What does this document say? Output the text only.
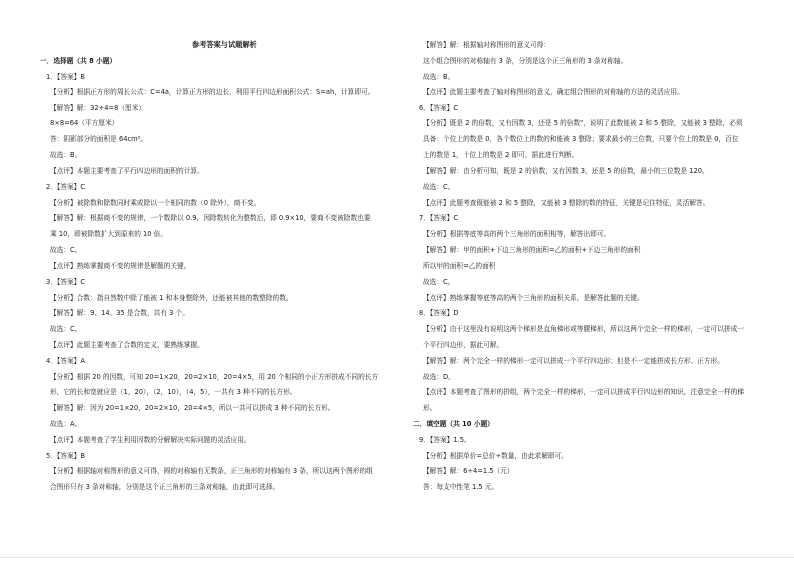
参考答案与试题解析
一．选择题（共 8 小题）
1．【答案】B
【分析】根据正方形的周长公式：C=4a，计算正方形的边长，利用平行四边形面积公式：S=ah，计算即可。
【解答】解：32÷4=8（厘米）
8×8=64（平方厘米）
答：阴影部分的面积是 64cm²。
故选：B。
【点评】本题主要考查了平行四边形的面积的计算。
2．【答案】C
【分析】被除数和除数同时乘或除以一个相同的数（0 除外），商不变。
【解答】解：根据商不变的规律，一个数除以 0.9，因除数转化为整数后，即 0.9×10，要商不变被除数也要
乘 10，即被除数扩大到原来的 10 倍。
故选：C。
【点评】熟练掌握商不变的规律是解题的关键。
3．【答案】C
【分析】合数：指自然数中除了能被 1 和本身整除外，还能被其他的数整除的数。
【解答】解：9、14、35 是合数，共有 3 个。
故选：C。
【点评】此题主要考查了合数的定义，要熟练掌握。
4．【答案】A
【分析】根据 20 的因数，可知 20=1×20，20=2×10，20=4×5，用 20 个相同的小正方形拼成不同的长方
形，它的长和宽就应是（1，20），（2，10），（4，5），一共有 3 种不同的长方形。
【解答】解：因为 20=1×20，20=2×10，20=4×5，所以一共可以拼成 3 种不同的长方形。
故选：A。
【点评】本题考查了学生利用因数的分解解决实际问题的灵活应用。
5．【答案】B
【分析】根据轴对称图形的意义可得，圆的对称轴有无数条，正三角形的对称轴有 3 条，所以这两个图形的组
合图形只有 3 条对称轴，分别是这个正三角形的三条对称轴，由此即可选择。
【解答】解：根据轴对称图形的意义可得：
这个组合图形的对称轴有 3 条，分别是这个正三角形的 3 条对称轴。
故选：B。
【点评】此题主要考查了轴对称图形的意义，确定组合图形的对称轴的方法的灵活应用。
6．【答案】C
【分析】既是 2 的倍数，又有因数 3，还是 5 的倍数"，说明了此数能被 2 和 5 整除，又能被 3 整除，必须
具备：个位上的数是 0，各个数位上的数的和能被 3 整除；要求最小的三位数，只要个位上的数是 0，百位
上的数是 1，十位上的数是 2 即可，据此进行判断。
【解答】解：由分析可知，既是 2 的倍数，又有因数 3，还是 5 的倍数，最小的三位数是 120。
故选：C。
【点评】此题考查既能被 2 和 5 整除，又能被 3 整除的数的特征，关键是记住特征，灵活解答。
7．【答案】C
【分析】根据等底等高的两个三角形的面积相等，解答出即可。
【解答】解：甲的面积+下边三角形的面积=乙的面积+下边三角形的面积
所以甲的面积=乙的面积
故选：C。
【点评】熟练掌握等底等高的两个三角形的面积关系，是解答此题的关键。
8．【答案】D
【分析】由于这里没有说明这两个梯形是直角梯形或等腰梯形，所以这两个完全一样的梯形，一定可以拼成一
个平行四边形，据此可解。
【解答】解：两个完全一样的梯形一定可以拼成一个平行四边形；但是不一定能拼成长方形、正方形。
故选：D。
【点评】本题考查了图形的拼组，两个完全一样的梯形，一定可以拼成平行四边形的知识，注意完全一样的梯
形。
二．填空题（共 10 小题）
9．【答案】1.5。
【分析】根据单价=总价÷数量，由此求解即可。
【解答】解：6÷4=1.5（元）
答：每支中性笔 1.5 元。
